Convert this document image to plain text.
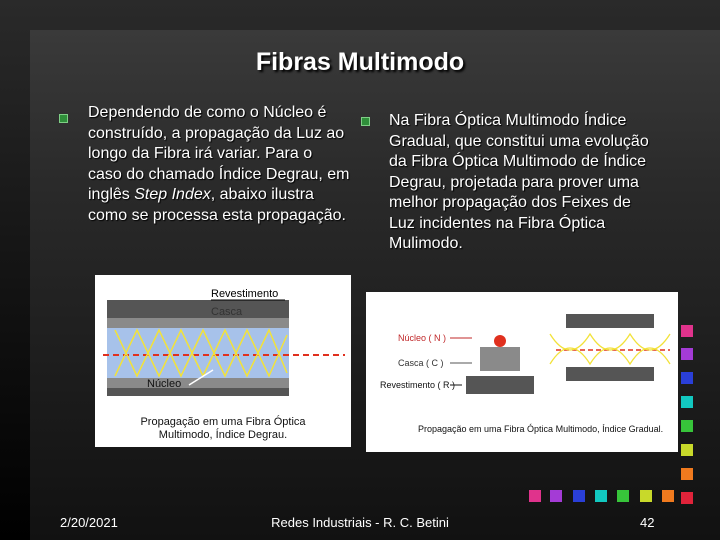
Fibras Multimodo
Dependendo de como o Núcleo é construído, a propagação da Luz ao longo da Fibra irá variar. Para o caso do chamado Índice Degrau, em inglês Step Index, abaixo ilustra como se processa esta propagação.
Na Fibra Óptica Multimodo Índice Gradual, que constitui uma evolução da Fibra Óptica Multimodo de Índice Degrau, projetada para prover uma melhor propagação dos Feixes de Luz incidentes na Fibra Óptica Mulimodo.
Revestimento
Casca
Núcleo
Propagação em uma Fibra Óptica
Multimodo, Índice Degrau.
Núcleo ( N )
Casca ( C )
Revestimento ( R )
Propagação em uma Fibra Óptica Multimodo, Índice Gradual.
2/20/2021	Redes Industriais - R. C. Betini	42
